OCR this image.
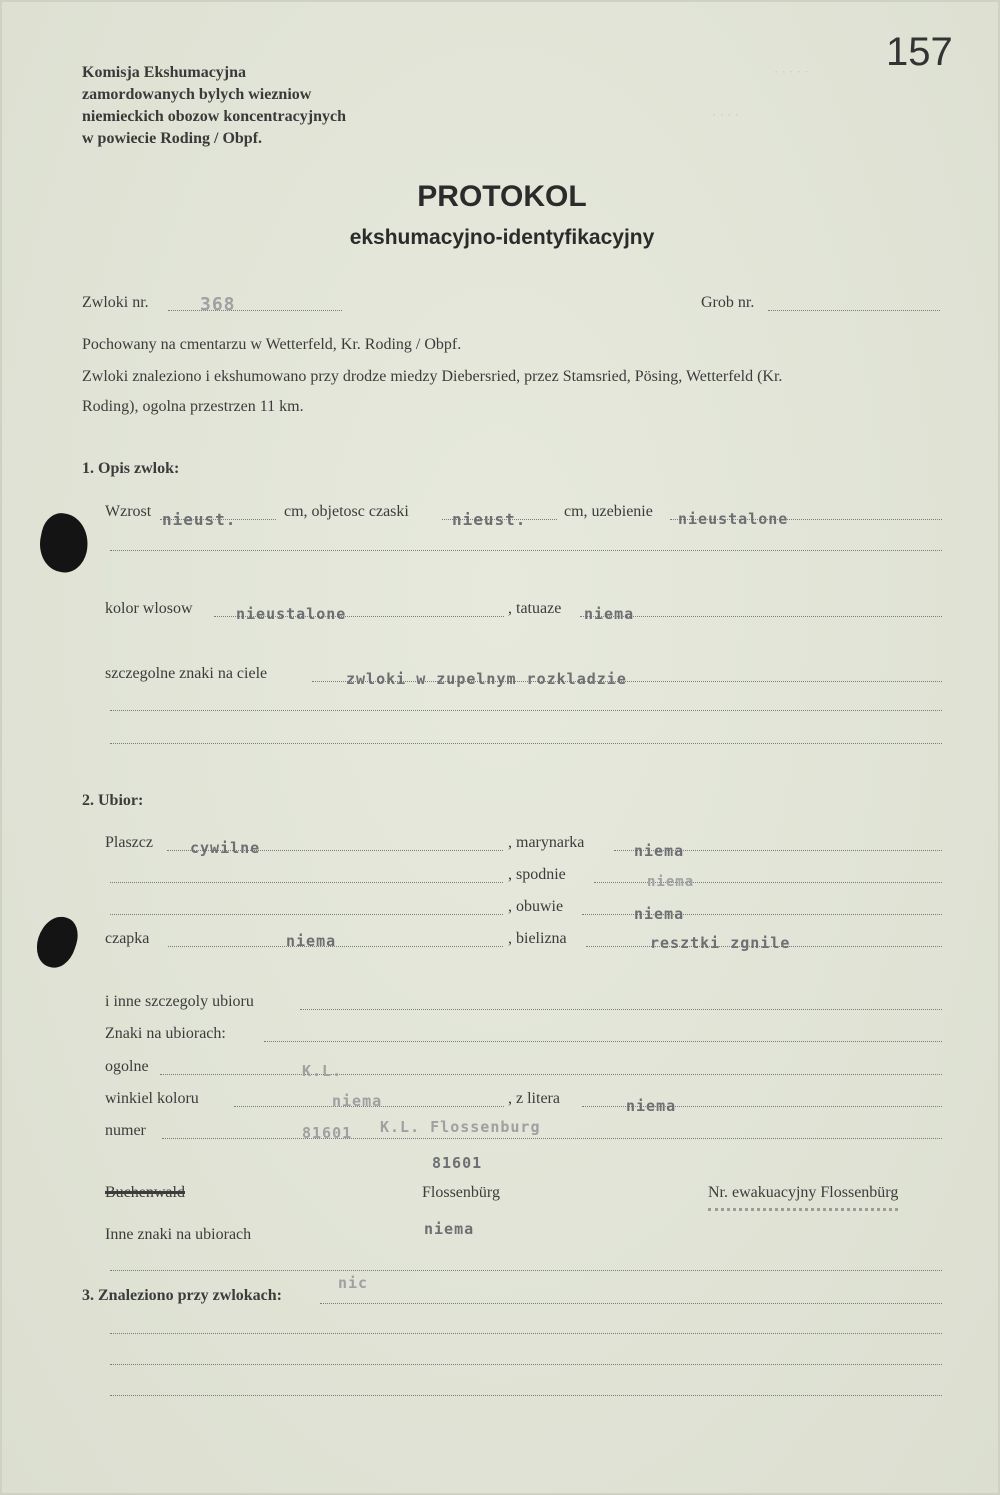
157
Komisja Ekshumacyjna
zamordowanych bylych wiezniow
niemieckich obozow koncentracyjnych
w powiecie Roding / Obpf.
· · · · ·
· · · ·
PROTOKOL
ekshumacyjno-identyfikacyjny
Zwloki nr.	368	Grob nr.
Pochowany na cmentarzu w Wetterfeld, Kr. Roding / Obpf.
Zwloki znaleziono i ekshumowano przy drodze miedzy Diebersried, przez Stamsried, Pösing, Wetterfeld (Kr.
Roding), ogolna przestrzen 11 km.
1. Opis zwlok:
Wzrost nieust.	cm, objetosc czaski	nieust. cm, uzebienie nieustalone
kolor wlosow	nieustalone	, tatuaze niema
szczegolne znaki na ciele	zwloki w zupelnym rozkladzie
2. Ubior:
Plaszcz cywilne	, marynarka	niema
, spodnie	niema
, obuwie	niema
czapka	niema	, bielizna	resztki zgnile
i inne szczegoly ubioru
Znaki na ubiorach:
ogolne	K.L.
winkiel koloru	niema	, z litera	niema
numer	81601 K.L. Flossenburg
81601
Buchenwald	Flossenbürg	Nr. ewakuacyjny Flossenbürg
Inne znaki na ubiorach	niema
3. Znaleziono przy zwlokach:
nic
